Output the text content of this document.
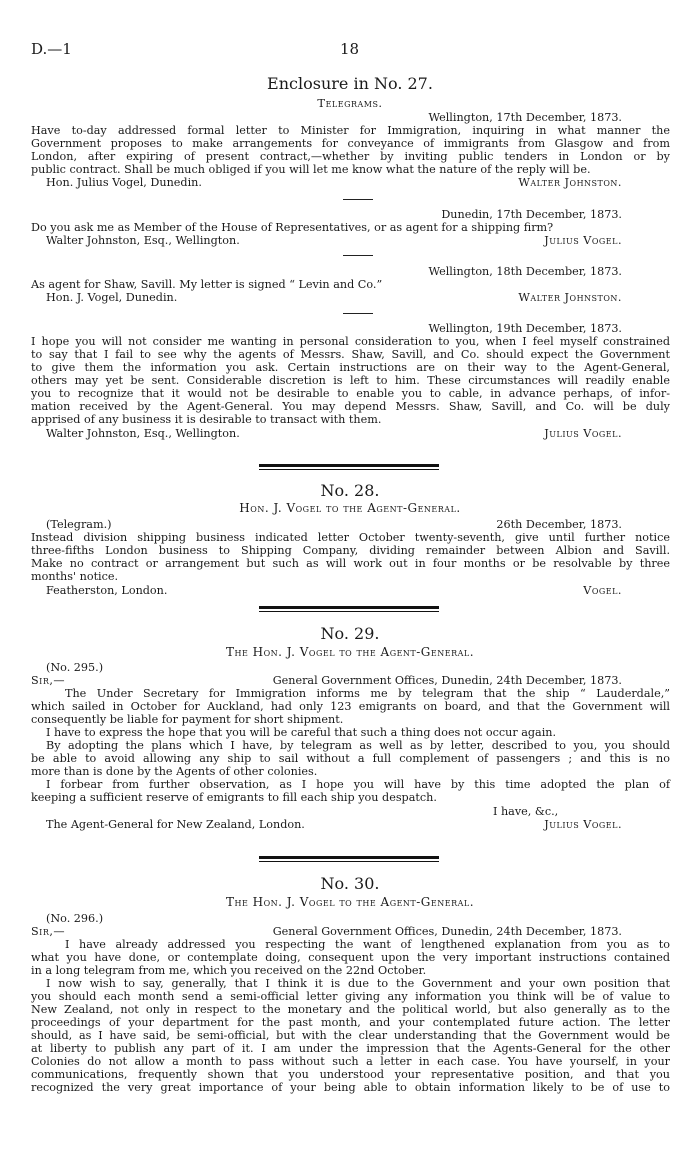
D.—1	18
Enclosure in No. 27.
Telegrams.
Wellington, 17th December, 1873.
Have to-day addressed formal letter to Minister for Immigration, inquiring in what manner the
Government proposes to make arrangements for conveyance of immigrants from Glasgow and from
London, after expiring of present contract,—whether by inviting public tenders in London or by
public contract. Shall be much obliged if you will let me know what the nature of the reply will be.
Hon. Julius Vogel, Dunedin.	Walter Johnston.
Dunedin, 17th December, 1873.
Do you ask me as Member of the House of Representatives, or as agent for a shipping firm?
Walter Johnston, Esq., Wellington.	Julius Vogel.
Wellington, 18th December, 1873.
As agent for Shaw, Savill. My letter is signed “ Levin and Co.”
Hon. J. Vogel, Dunedin.	Walter Johnston.
Wellington, 19th December, 1873.
I hope you will not consider me wanting in personal consideration to you, when I feel myself constrained
to say that I fail to see why the agents of Messrs. Shaw, Savill, and Co. should expect the Government
to give them the information you ask. Certain instructions are on their way to the Agent-General,
others may yet be sent. Considerable discretion is left to him. These circumstances will readily enable
you to recognize that it would not be desirable to enable you to cable, in advance perhaps, of infor-
mation received by the Agent-General. You may depend Messrs. Shaw, Savill, and Co. will be duly
apprised of any business it is desirable to transact with them.
Walter Johnston, Esq., Wellington.	Julius Vogel.
No. 28.
Hon. J. Vogel to the Agent-General.
(Telegram.)	26th December, 1873.
Instead division shipping business indicated letter October twenty-seventh, give until further notice
three-fifths London business to Shipping Company, dividing remainder between Albion and Savill.
Make no contract or arrangement but such as will work out in four months or be resolvable by three
months' notice.
Featherston, London.	Vogel.
No. 29.
The Hon. J. Vogel to the Agent-General.
(No. 295.)
Sir,—	General Government Offices, Dunedin, 24th December, 1873.
The Under Secretary for Immigration informs me by telegram that the ship “ Lauderdale,”
which sailed in October for Auckland, had only 123 emigrants on board, and that the Government will
consequently be liable for payment for short shipment.
I have to express the hope that you will be careful that such a thing does not occur again.
By adopting the plans which I have, by telegram as well as by letter, described to you, you should
be able to avoid allowing any ship to sail without a full complement of passengers ; and this is no
more than is done by the Agents of other colonies.
I forbear from further observation, as I hope you will have by this time adopted the plan of
keeping a sufficient reserve of emigrants to fill each ship you despatch.
I have, &c.,
The Agent-General for New Zealand, London.	Julius Vogel.
No. 30.
The Hon. J. Vogel to the Agent-General.
(No. 296.)
Sir,—	General Government Offices, Dunedin, 24th December, 1873.
I have already addressed you respecting the want of lengthened explanation from you as to
what you have done, or contemplate doing, consequent upon the very important instructions contained
in a long telegram from me, which you received on the 22nd October.
I now wish to say, generally, that I think it is due to the Government and your own position that
you should each month send a semi-official letter giving any information you think will be of value to
New Zealand, not only in respect to the monetary and the political world, but also generally as to the
proceedings of your department for the past month, and your contemplated future action. The letter
should, as I have said, be semi-official, but with the clear understanding that the Government would be
at liberty to publish any part of it. I am under the impression that the Agents-General for the other
Colonies do not allow a month to pass without such a letter in each case. You have yourself, in your
communications, frequently shown that you understood your representative position, and that you
recognized the very great importance of your being able to obtain information likely to be of use to
